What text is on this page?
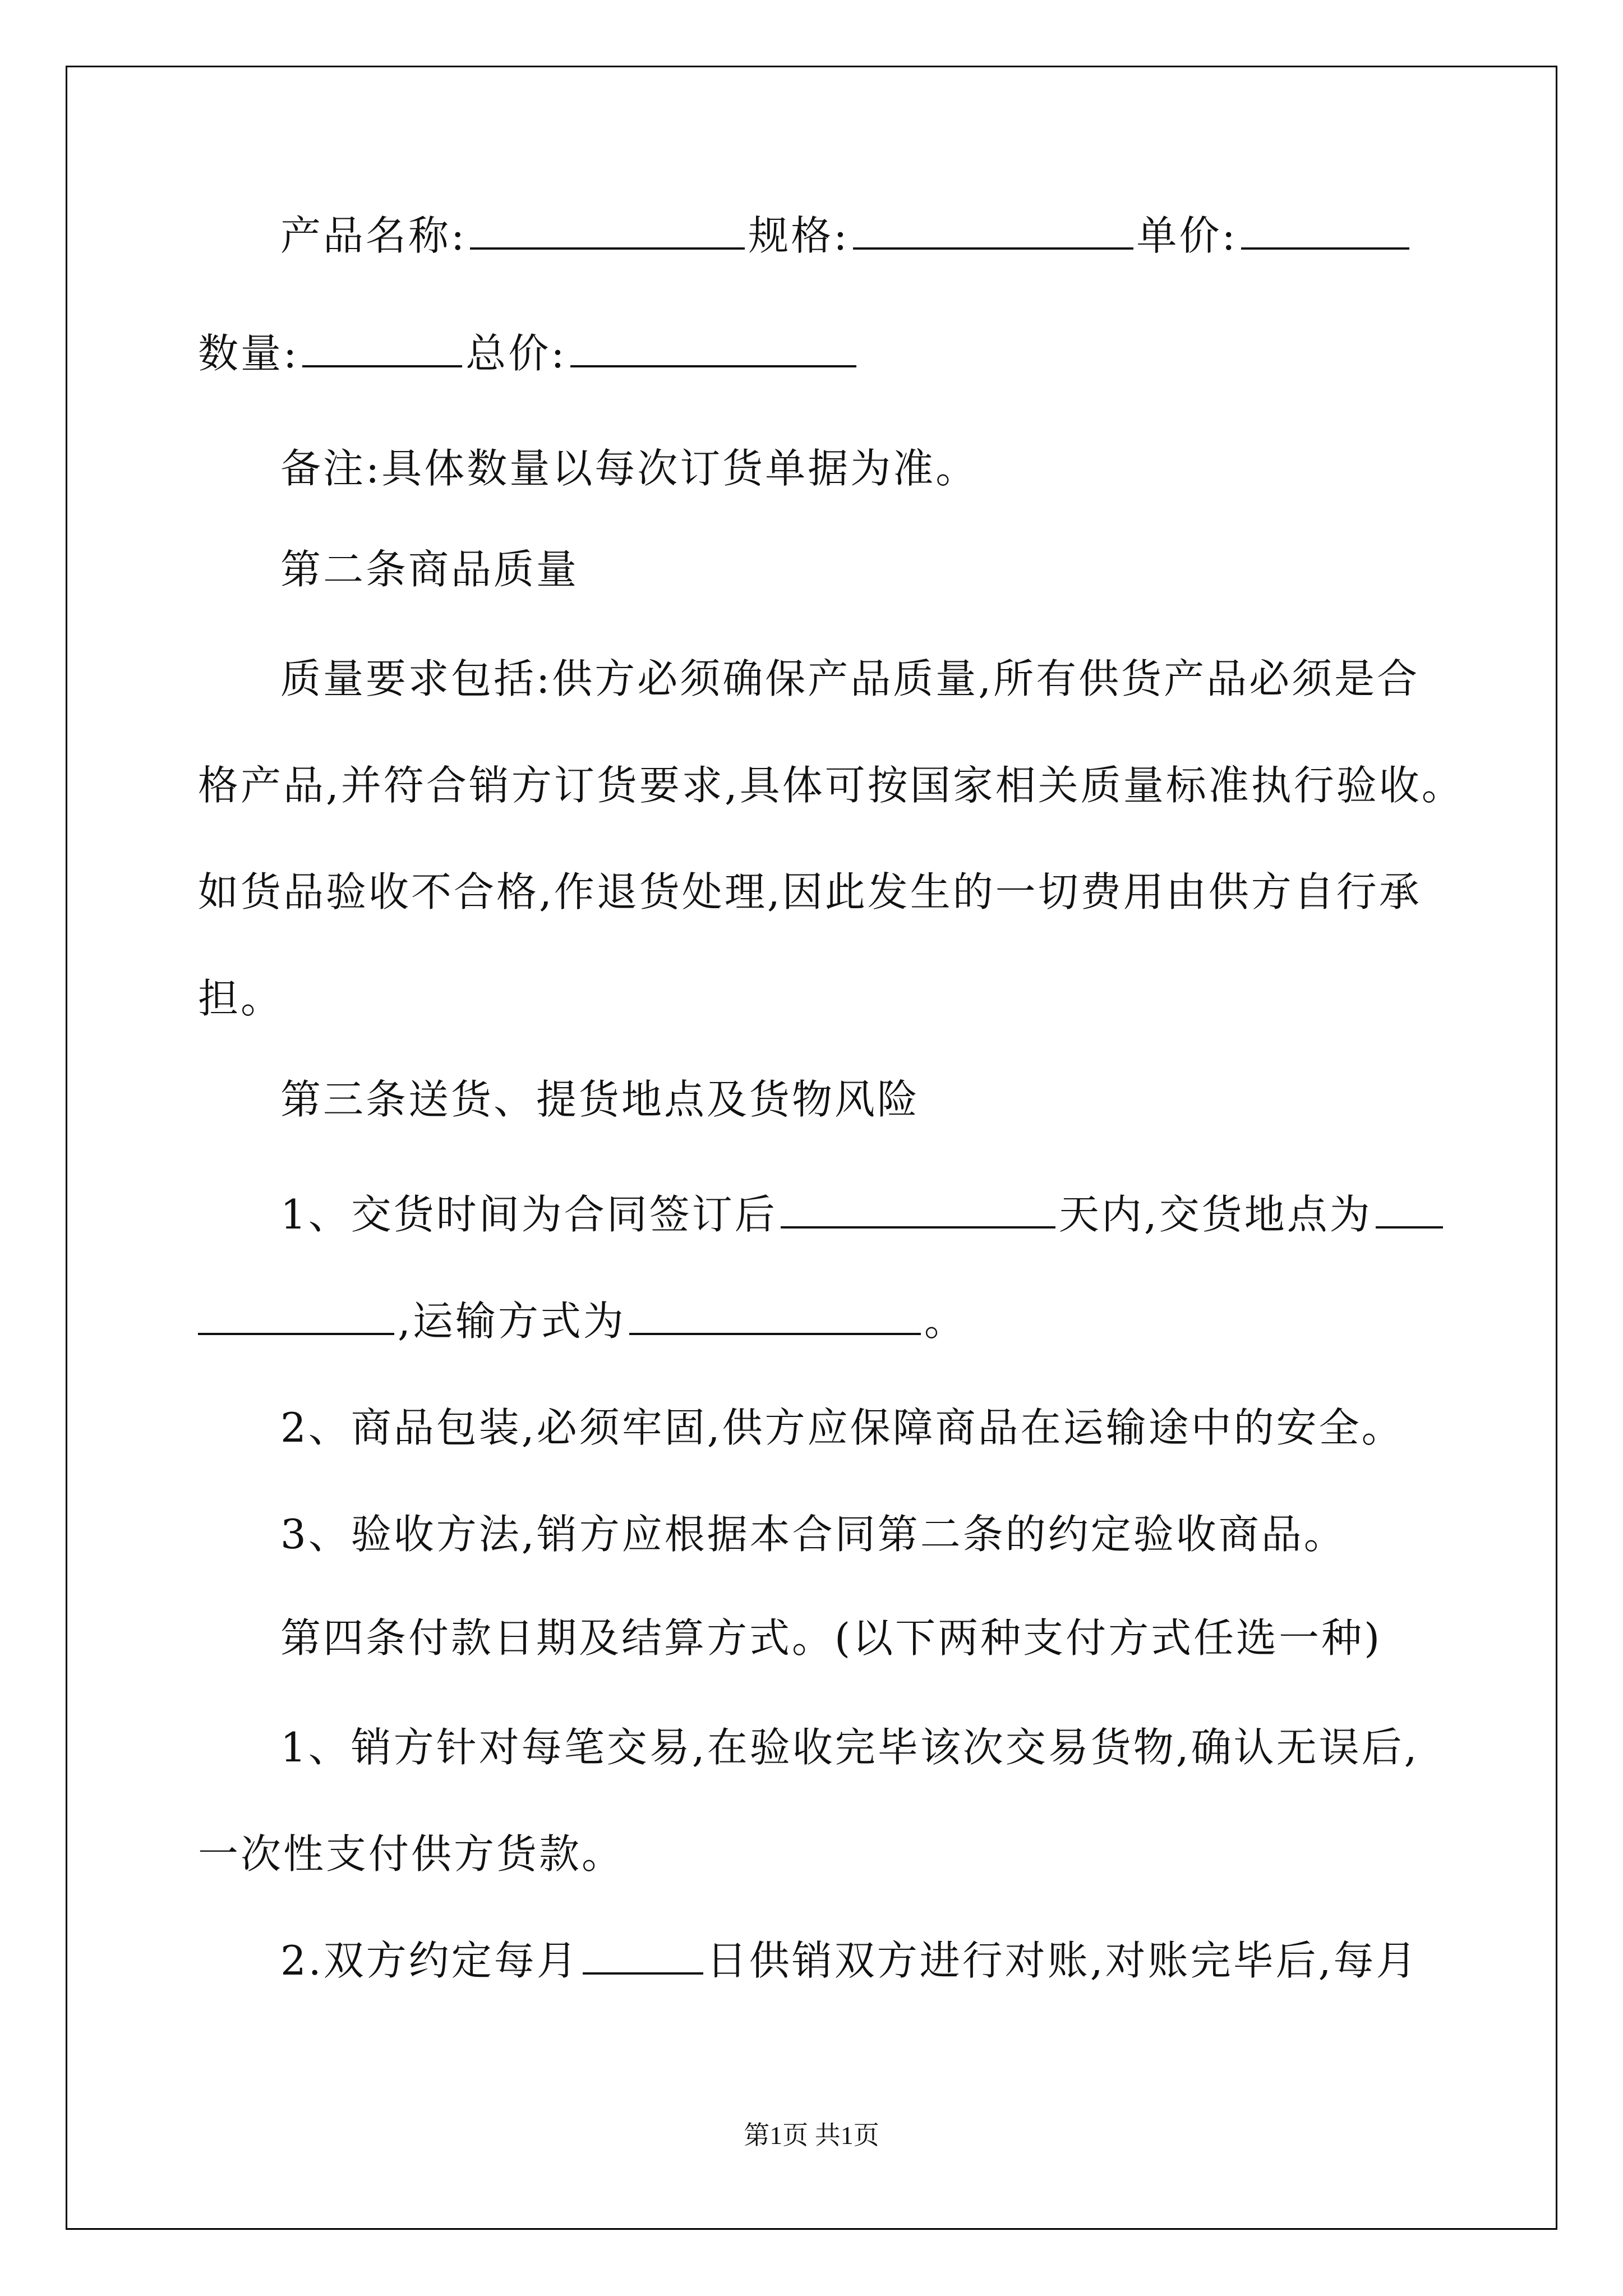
产品名称:	规格:	单价:
数量:	总价:
备注:具体数量以每次订货单据为准。
第二条商品质量
质量要求包括:供方必须确保产品质量,所有供货产品必须是合
格产品,并符合销方订货要求,具体可按国家相关质量标准执行验收。
如货品验收不合格,作退货处理,因此发生的一切费用由供方自行承
担。
第三条送货、提货地点及货物风险
1、交货时间为合同签订后	天内,交货地点为
,运输方式为	。
2、商品包装,必须牢固,供方应保障商品在运输途中的安全。
3、验收方法,销方应根据本合同第二条的约定验收商品。
第四条付款日期及结算方式。(以下两种支付方式任选一种)
1、销方针对每笔交易,在验收完毕该次交易货物,确认无误后,
一次性支付供方货款。
2.双方约定每月	日供销双方进行对账,对账完毕后,每月
第1页 共1页
